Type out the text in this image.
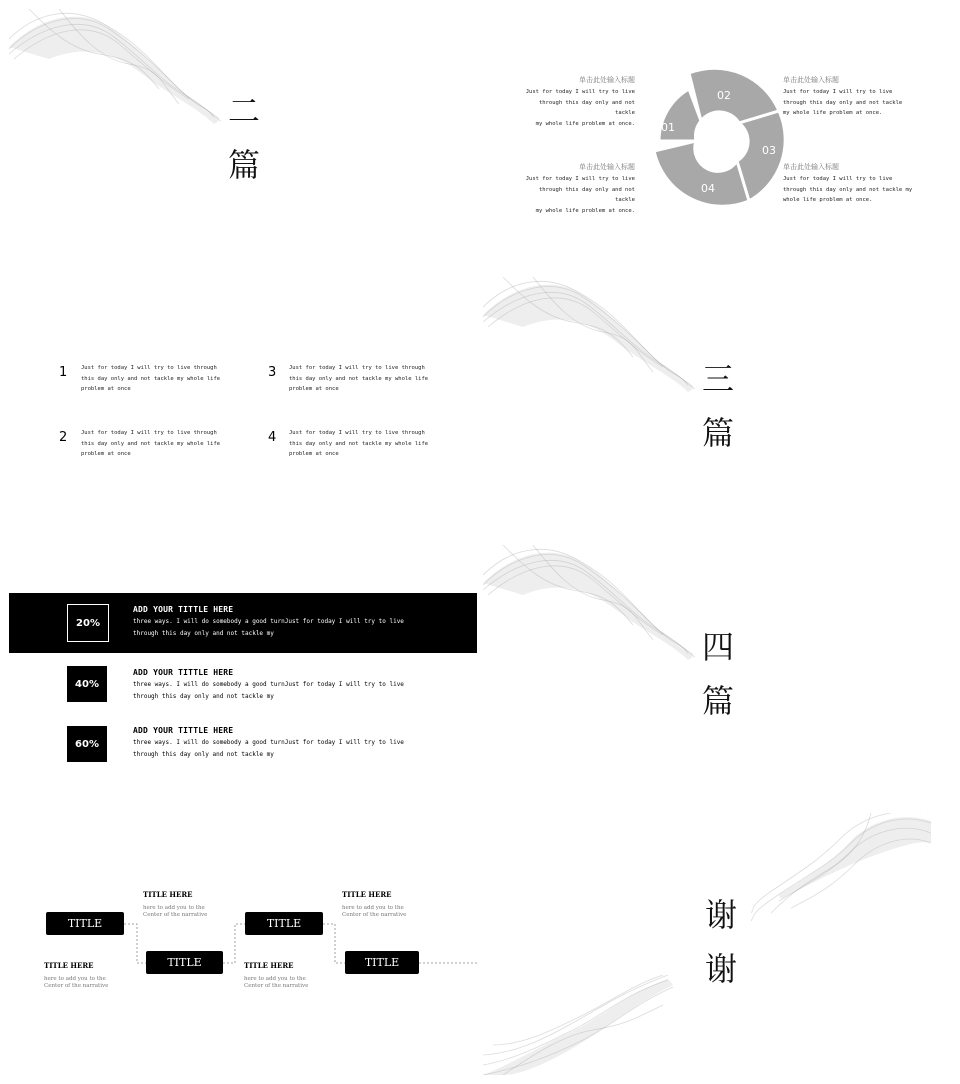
二
篇
01
02
03
04
单击此处输入标题
Just for today I will try to live
through this day only and not tackle
my whole life problem at once.
单击此处输入标题
Just for today I will try to live
through this day only and not tackle
my whole life problem at once.
单击此处输入标题
Just for today I will try to live
through this day only and not tackle
my whole life problem at once.
单击此处输入标题
Just for today I will try to live
through this day only and not tackle my
whole life problem at once.
1 Just for today I will try to live through
this day only and not tackle my whole life
problem at once
3 Just for today I will try to live through
this day only and not tackle my whole life
problem at once
2 Just for today I will try to live through
this day only and not tackle my whole life
problem at once
4 Just for today I will try to live through
this day only and not tackle my whole life
problem at once
三
篇
20%
ADD YOUR TITTLE HERE
three ways. I will do somebody a good turnJust for today I will try to live
through this day only and not tackle my
40%
ADD YOUR TITTLE HERE
three ways. I will do somebody a good turnJust for today I will try to live
through this day only and not tackle my
60%
ADD YOUR TITTLE HERE
three ways. I will do somebody a good turnJust for today I will try to live
through this day only and not tackle my
四
篇
TITLE
TITLE
TITLE
TITLE
TITLE HERE
here to add you to the
Center of the narrative
TITLE HERE
here to add you to the
Center of the narrative
TITLE HERE
here to add you to the
Center of the narrative
TITLE HERE
here to add you to the
Center of the narrative
谢
谢
